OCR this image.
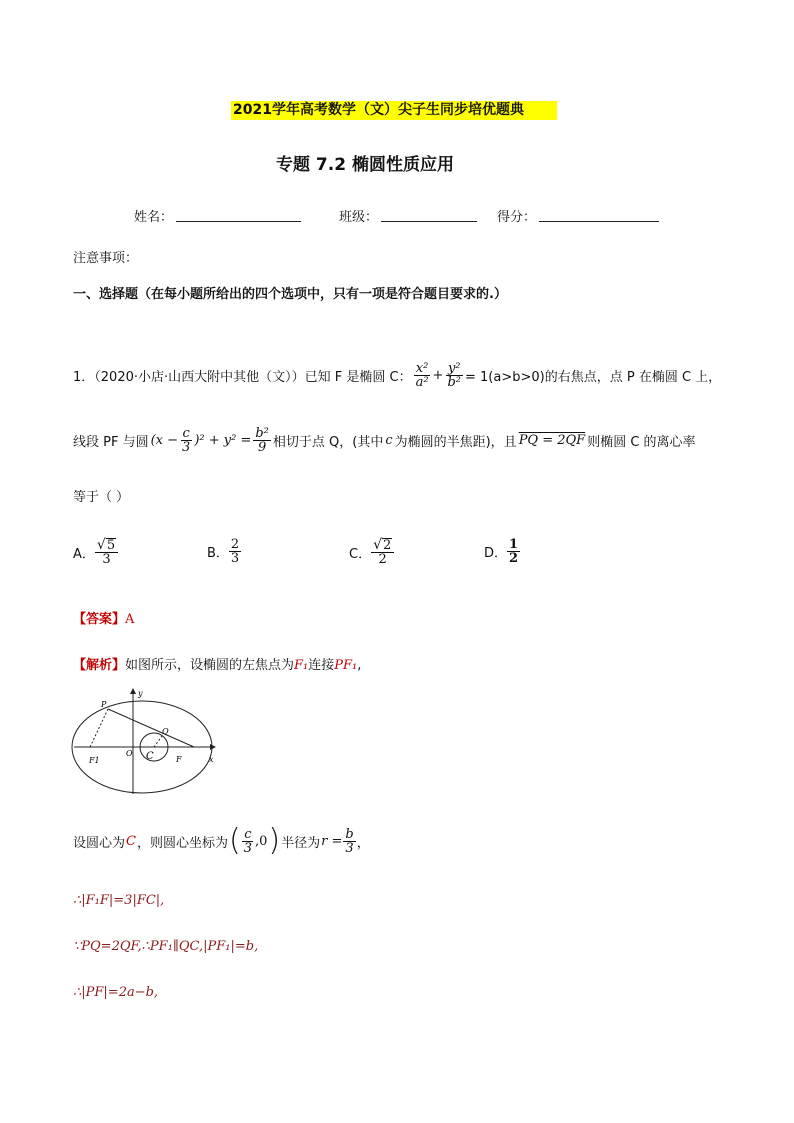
2021学年高考数学（文）尖子生同步培优题典
专题 7.2 椭圆性质应用
姓名：	班级：	得分：
注意事项：
一、选择题（在每小题所给出的四个选项中，只有一项是符合题目要求的.）
1．（2020·小店·山西大附中其他（文））已知 F 是椭圆 C： $\frac{\text{x²}}{\text{a²}} + \frac{\text{y²}}{\text{b²}} = 1(a>b>0)$的右焦点，点 P 在椭圆 C 上，
线段 PF 与圆 $(x - \frac{c}{3} )^2 + y^2 = \frac{\text{b²}}{9}$ 相切于点 Q，(其中 c 为椭圆的半焦距)，且 PQ = 2QF 则椭圆 C 的离心率
等于（ ）
A． $\frac{√ 5}{3}$	B． $\frac{2}{3}$	C． $\frac{√ 2}{2}$	D． $\frac{1}{2}$
【答案】A
【解析】如图所示，设椭圆的左焦点为F₁连接PF₁,
P
Q
O C	F
F1	x
y
设圆心为 C ，则圆心坐标为 ( $\frac{c}{3} ,0$ ) 半径为 $r = \frac{b}{3}$ ，
∴|F₁F|=3|FC|,
∵PQ=2QF,∴PF₁∥QC,|PF₁|=b,
∴|PF|=2a−b,
